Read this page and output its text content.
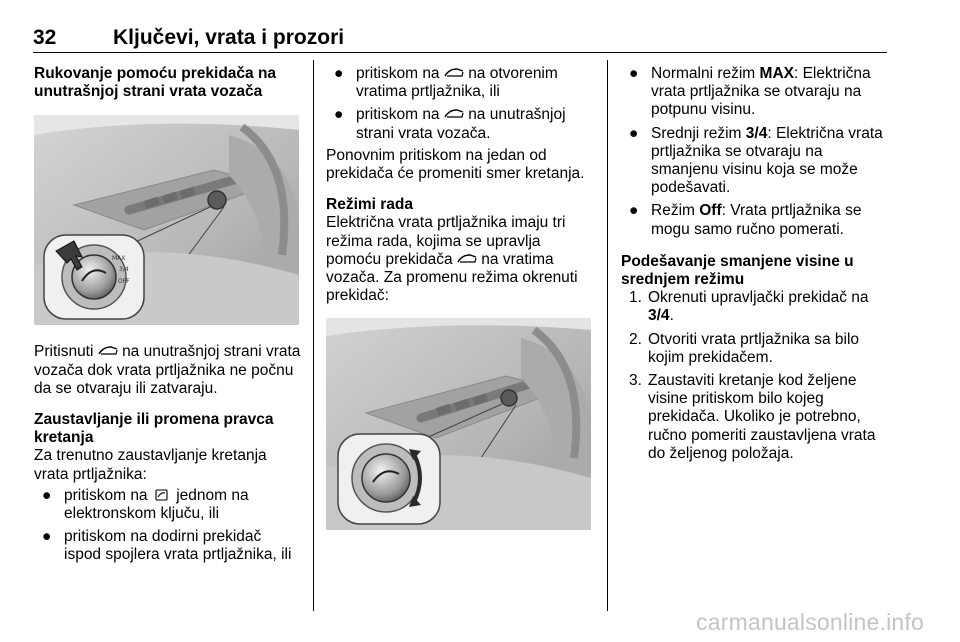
32	Ključevi, vrata i prozori

Rukovanje pomoću prekidača na unutrašnjoj strani vrata vozača

MAX
3/4
OFF

Pritisnuti na unutrašnjoj strani vrata vozača dok vrata prtljažnika ne počnu da se otvaraju ili zatvaraju.

Zaustavljanje ili promena pravca kretanja

Za trenutno zaustavljanje kretanja vrata prtljažnika:

● pritiskom na jednom na elektronskom ključu, ili
● pritiskom na dodirni prekidač ispod spojlera vrata prtljažnika, ili
● pritiskom na na otvorenim vratima prtljažnika, ili
● pritiskom na na unutrašnjoj strani vrata vozača.

Ponovnim pritiskom na jedan od prekidača će promeniti smer kretanja.

Režimi rada

Električna vrata prtljažnika imaju tri režima rada, kojima se upravlja pomoću prekidača na vratima vozača. Za promenu režima okrenuti prekidač:

● Normalni režim MAX: Električna vrata prtljažnika se otvaraju na potpunu visinu.
● Srednji režim 3/4: Električna vrata prtljažnika se otvaraju na smanjenu visinu koja se može podešavati.
● Režim Off: Vrata prtljažnika se mogu samo ručno pomerati.

Podešavanje smanjene visine u srednjem režimu

1. Okrenuti upravljački prekidač na 3/4.
2. Otvoriti vrata prtljažnika sa bilo kojim prekidačem.
3. Zaustaviti kretanje kod željene visine pritiskom bilo kojeg prekidača. Ukoliko je potrebno, ručno pomeriti zaustavljena vrata do željenog položaja.
carmanualsonline.info
